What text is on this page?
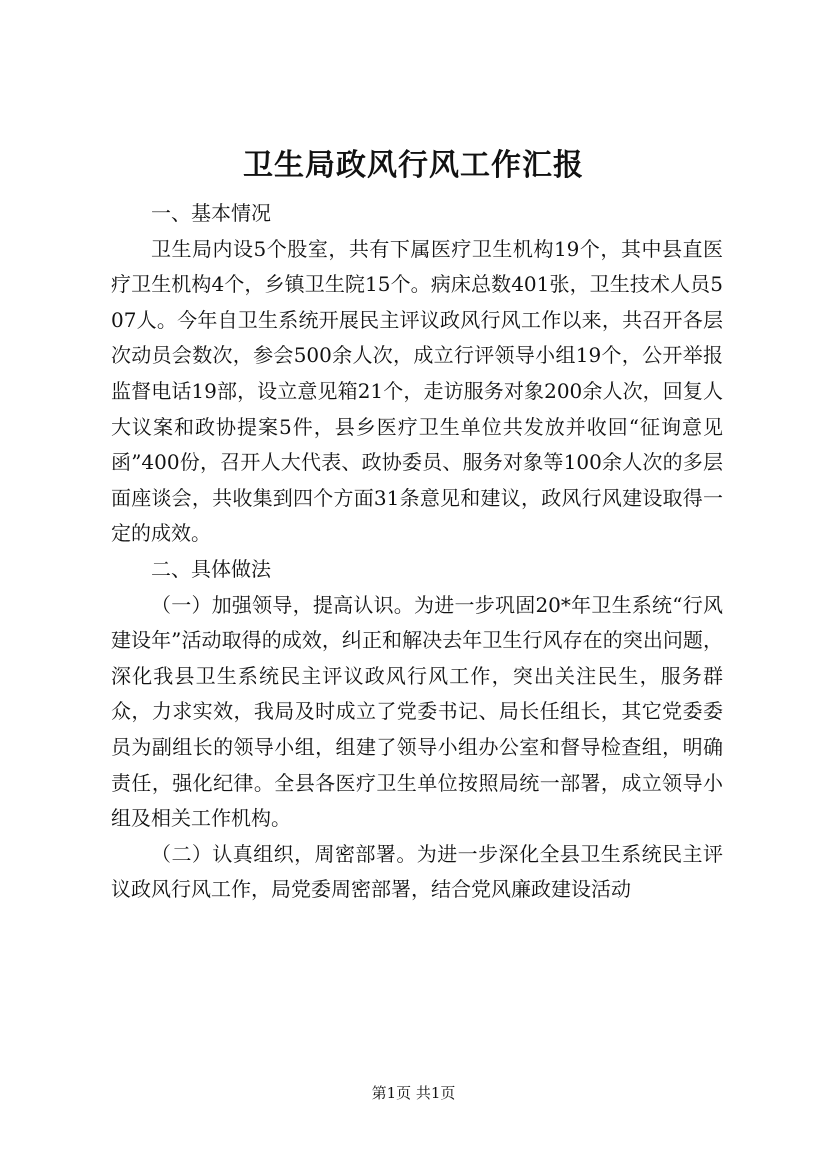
卫生局政风行风工作汇报

一、基本情况

卫生局内设5个股室，共有下属医疗卫生机构19个，其中县直医疗卫生机构4个，乡镇卫生院15个。病床总数401张，卫生技术人员507人。今年自卫生系统开展民主评议政风行风工作以来，共召开各层次动员会数次，参会500余人次，成立行评领导小组19个，公开举报监督电话19部，设立意见箱21个，走访服务对象200余人次，回复人大议案和政协提案5件，县乡医疗卫生单位共发放并收回“征询意见函”400份，召开人大代表、政协委员、服务对象等100余人次的多层面座谈会，共收集到四个方面31条意见和建议，政风行风建设取得一定的成效。

二、具体做法

（一）加强领导，提高认识。为进一步巩固20*年卫生系统“行风建设年”活动取得的成效，纠正和解决去年卫生行风存在的突出问题，深化我县卫生系统民主评议政风行风工作，突出关注民生，服务群众，力求实效，我局及时成立了党委书记、局长任组长，其它党委委员为副组长的领导小组，组建了领导小组办公室和督导检查组，明确责任，强化纪律。全县各医疗卫生单位按照局统一部署，成立领导小组及相关工作机构。

（二）认真组织，周密部署。为进一步深化全县卫生系统民主评议政风行风工作，局党委周密部署，结合党风廉政建设活动

第1页 共1页
